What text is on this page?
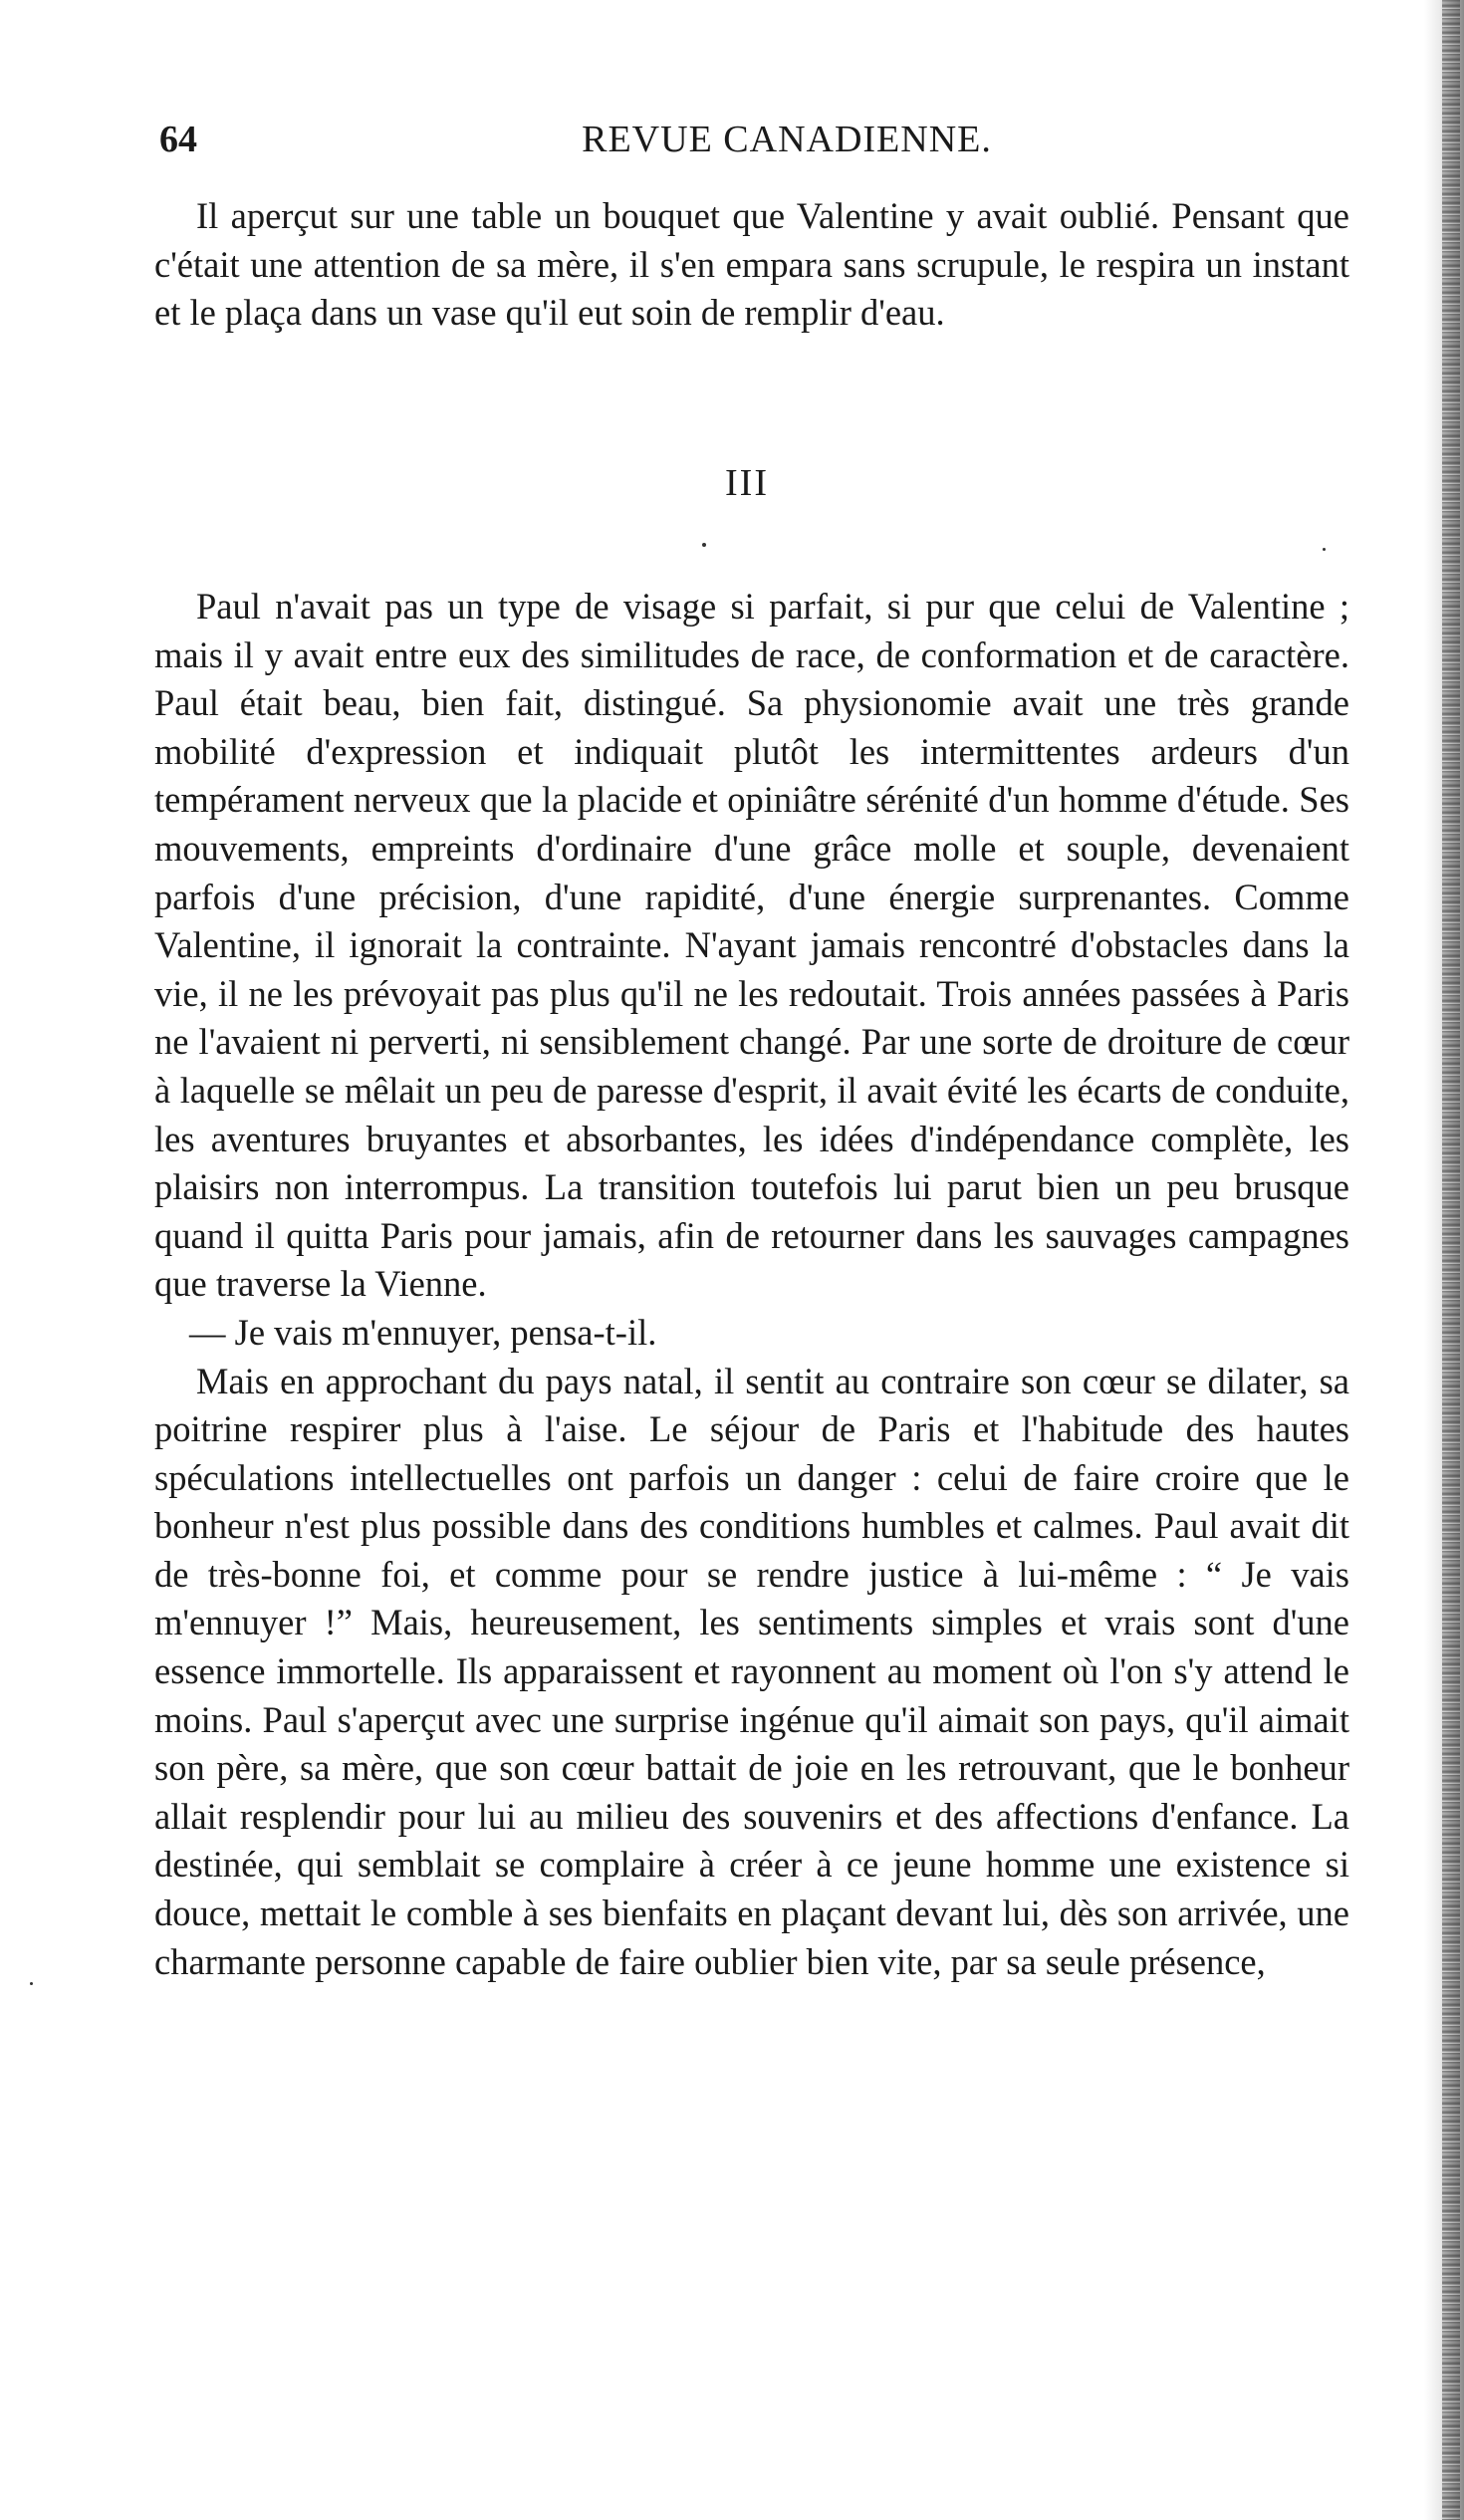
64	REVUE CANADIENNE.

Il aperçut sur une table un bouquet que Valentine y avait oublié. Pensant que c'était une attention de sa mère, il s'en empara sans scrupule, le respira un instant et le plaça dans un vase qu'il eut soin de remplir d'eau.

III

Paul n'avait pas un type de visage si parfait, si pur que celui de Valentine ; mais il y avait entre eux des similitudes de race, de conformation et de caractère. Paul était beau, bien fait, distingué. Sa physionomie avait une très grande mobilité d'expression et indiquait plutôt les intermittentes ardeurs d'un tempérament nerveux que la placide et opiniâtre sérénité d'un homme d'étude. Ses mouvements, empreints d'ordinaire d'une grâce molle et souple, devenaient parfois d'une précision, d'une rapidité, d'une énergie surprenantes. Comme Valentine, il ignorait la contrainte. N'ayant jamais rencontré d'obstacles dans la vie, il ne les prévoyait pas plus qu'il ne les redoutait. Trois années passées à Paris ne l'avaient ni perverti, ni sensiblement changé. Par une sorte de droiture de cœur à laquelle se mêlait un peu de paresse d'esprit, il avait évité les écarts de conduite, les aventures bruyantes et absorbantes, les idées d'indépendance complète, les plaisirs non interrompus. La transition toutefois lui parut bien un peu brusque quand il quitta Paris pour jamais, afin de retourner dans les sauvages campagnes que traverse la Vienne.

— Je vais m'ennuyer, pensa-t-il.

Mais en approchant du pays natal, il sentit au contraire son cœur se dilater, sa poitrine respirer plus à l'aise. Le séjour de Paris et l'habitude des hautes spéculations intellectuelles ont parfois un danger : celui de faire croire que le bonheur n'est plus possible dans des conditions humbles et calmes. Paul avait dit de très-bonne foi, et comme pour se rendre justice à lui-même : “ Je vais m'ennuyer !” Mais, heureusement, les sentiments simples et vrais sont d'une essence immortelle. Ils apparaissent et rayonnent au moment où l'on s'y attend le moins. Paul s'aperçut avec une surprise ingénue qu'il aimait son pays, qu'il aimait son père, sa mère, que son cœur battait de joie en les retrouvant, que le bonheur allait resplendir pour lui au milieu des souvenirs et des affections d'enfance. La destinée, qui semblait se complaire à créer à ce jeune homme une existence si douce, mettait le comble à ses bienfaits en plaçant devant lui, dès son arrivée, une charmante personne capable de faire oublier bien vite, par sa seule présence,
